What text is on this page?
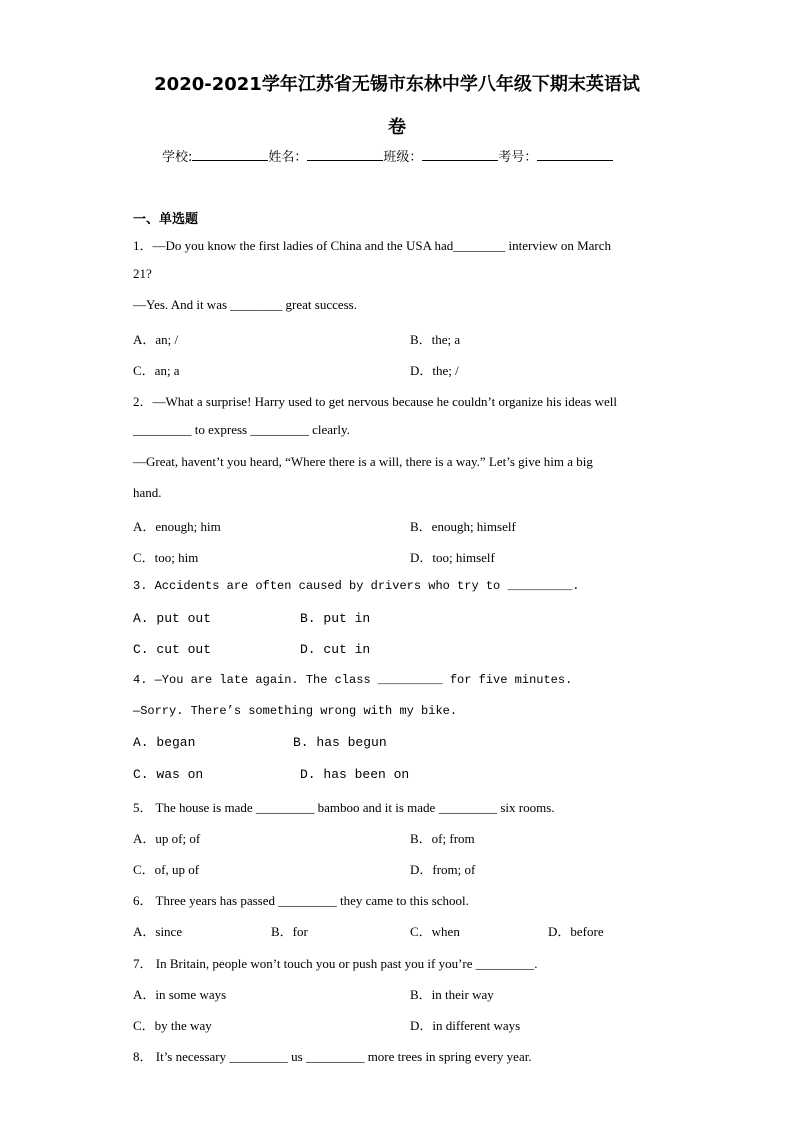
2020-2021学年江苏省无锡市东林中学八年级下期末英语试
卷
学校:	姓名：	班级：	考号：
一、单选题
1．—Do you know the first ladies of China and the USA had________ interview on March
21?
—Yes. And it was ________ great success.
A．an; /	B．the; a
C．an; a	D．the; /
2．—What a surprise! Harry used to get nervous because he couldn’t organize his ideas well
_________ to express _________ clearly.
—Great, havent’t you heard, “Where there is a will, there is a way.” Let’s give him a big
hand.
A．enough; him	B．enough; himself
C．too; him	D．too; himself
3. Accidents are often caused by drivers who try to _________.
A. put out	B. put in
C. cut out	D. cut in
4. —You are late again. The class _________ for five minutes.
—Sorry. There’s something wrong with my bike.
A. began	B. has begun
C. was on	D. has been on
5． The house is made _________ bamboo and it is made _________ six rooms.
A．up of; of	B．of; from
C．of, up of	D．from; of
6． Three years has passed _________ they came to this school.
A．since	B．for	C．when	D．before
7． In Britain, people won’t touch you or push past you if you’re _________.
A．in some ways	B．in their way
C．by the way	D．in different ways
8． It’s necessary _________ us _________ more trees in spring every year.
